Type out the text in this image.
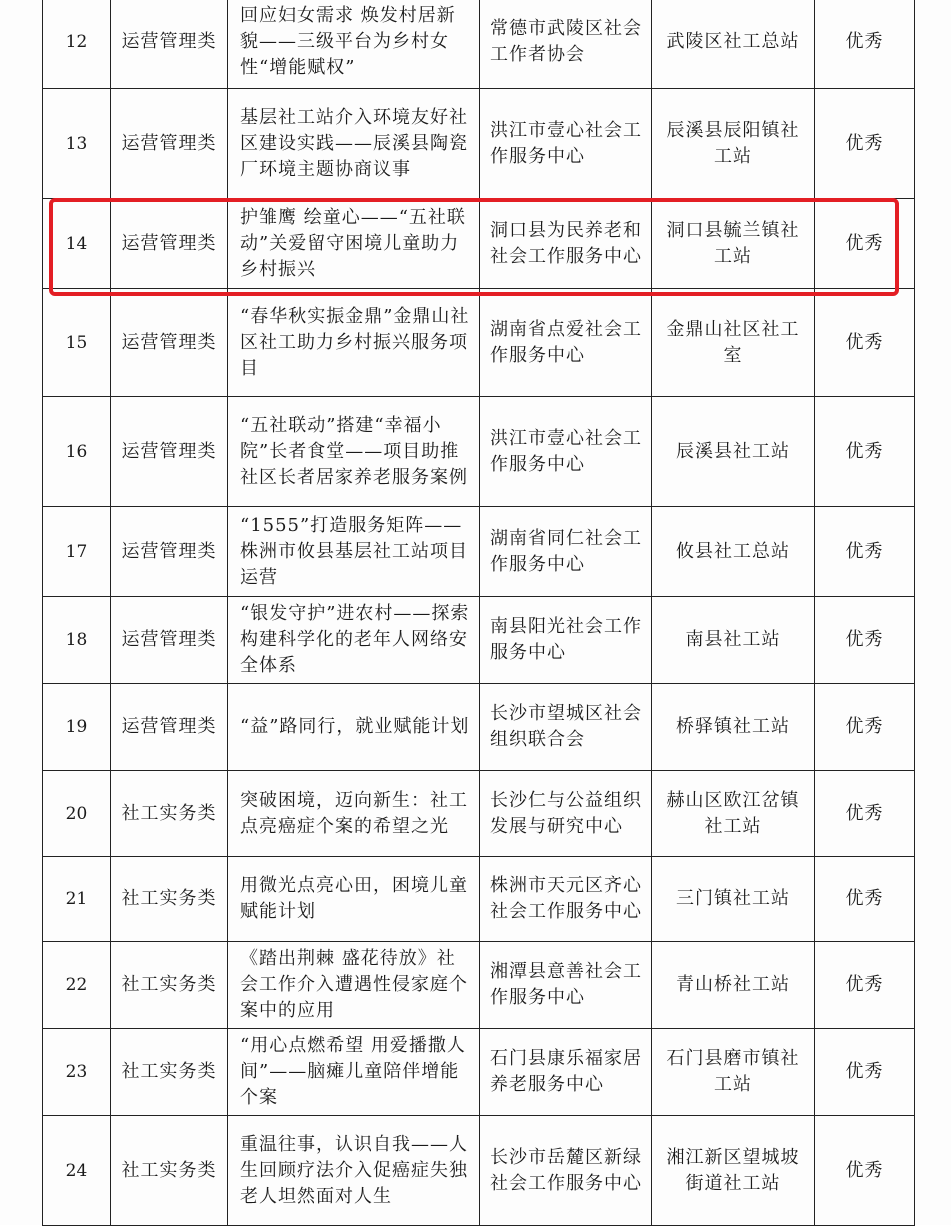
12	运营管理类	回应妇女需求 焕发村居新貌——三级平台为乡村女性“增能赋权”	常德市武陵区社会工作者协会	武陵区社工总站	优秀
13	运营管理类	基层社工站介入环境友好社区建设实践——辰溪县陶瓷厂环境主题协商议事	洪江市壹心社会工作服务中心	辰溪县辰阳镇社工站	优秀
14	运营管理类	护雏鹰 绘童心——“五社联动”关爱留守困境儿童助力乡村振兴	洞口县为民养老和社会工作服务中心	洞口县毓兰镇社工站	优秀
15	运营管理类	“春华秋实振金鼎”金鼎山社区社工助力乡村振兴服务项目	湖南省点爱社会工作服务中心	金鼎山社区社工室	优秀
16	运营管理类	“五社联动”搭建“幸福小院”长者食堂——项目助推社区长者居家养老服务案例	洪江市壹心社会工作服务中心	辰溪县社工站	优秀
17	运营管理类	“1555”打造服务矩阵——株洲市攸县基层社工站项目运营	湖南省同仁社会工作服务中心	攸县社工总站	优秀
18	运营管理类	“银发守护”进农村——探索构建科学化的老年人网络安全体系	南县阳光社会工作服务中心	南县社工站	优秀
19	运营管理类	“益”路同行，就业赋能计划	长沙市望城区社会组织联合会	桥驿镇社工站	优秀
20	社工实务类	突破困境，迈向新生：社工点亮癌症个案的希望之光	长沙仁与公益组织发展与研究中心	赫山区欧江岔镇社工站	优秀
21	社工实务类	用微光点亮心田，困境儿童赋能计划	株洲市天元区齐心社会工作服务中心	三门镇社工站	优秀
22	社工实务类	《踏出荆棘 盛花待放》社会工作介入遭遇性侵家庭个案中的应用	湘潭县意善社会工作服务中心	青山桥社工站	优秀
23	社工实务类	“用心点燃希望 用爱播撒人间”——脑瘫儿童陪伴增能个案	石门县康乐福家居养老服务中心	石门县磨市镇社工站	优秀
24	社工实务类	重温往事，认识自我——人生回顾疗法介入促癌症失独老人坦然面对人生	长沙市岳麓区新绿社会工作服务中心	湘江新区望城坡街道社工站	优秀
